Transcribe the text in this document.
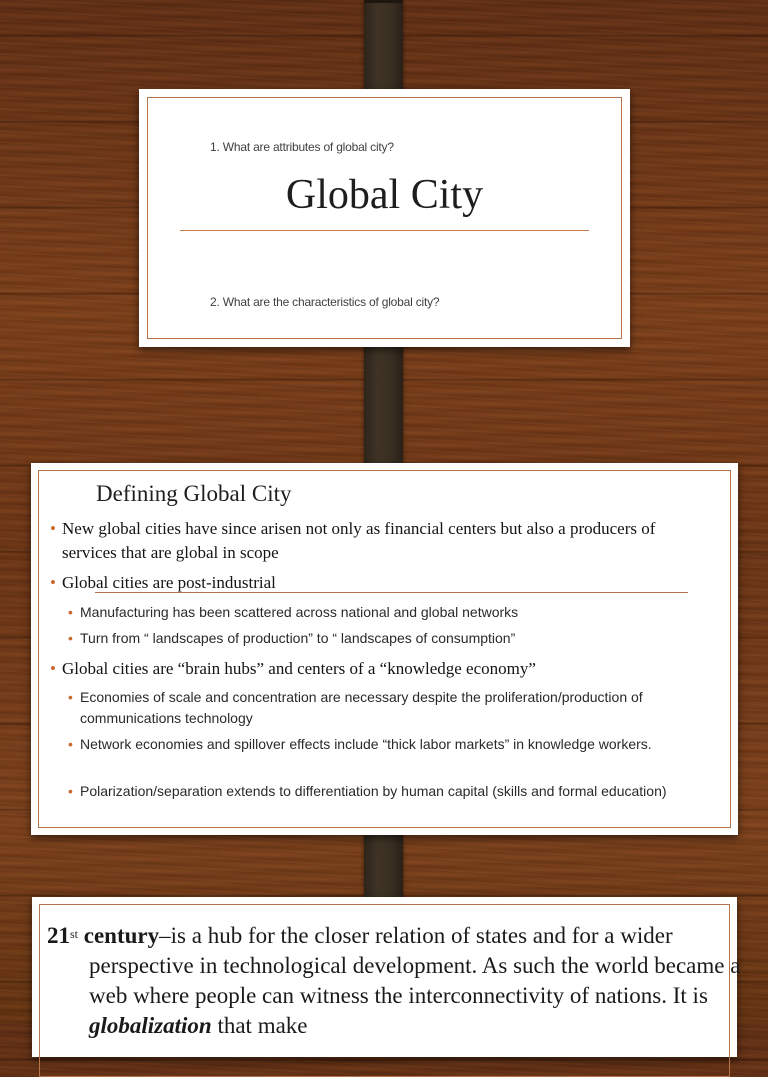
1. What are attributes of global city?
Global City
2. What are the characteristics of global city?
Defining Global City
• New global cities have since arisen not only as financial centers but also a producers of services that are global in scope
• Global cities are post-industrial
• Manufacturing has been scattered across national and global networks
• Turn from “ landscapes of production” to “ landscapes of consumption”
• Global cities are “brain hubs” and centers of a “knowledge economy”
• Economies of scale and concentration are necessary despite the proliferation/production of communications technology
• Network economies and spillover effects include “thick labor markets” in knowledge workers.
• Polarization/separation extends to differentiation by human capital (skills and formal education)
21st century–is a hub for the closer relation of states and for a wider perspective in technological development. As such the world became a web where people can witness the interconnectivity of nations. It is globalization that make
